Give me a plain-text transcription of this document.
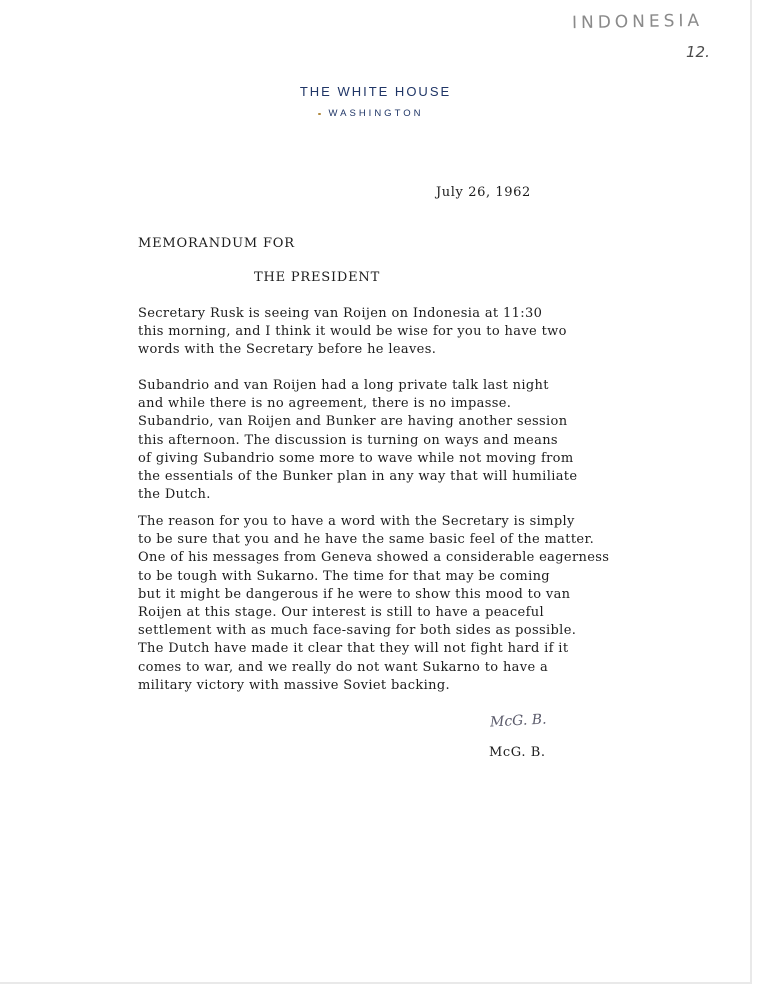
INDONESIA
12.
THE WHITE HOUSE
WASHINGTON
July 26, 1962
MEMORANDUM FOR
THE PRESIDENT
Secretary Rusk is seeing van Roijen on Indonesia at 11:30
this morning, and I think it would be wise for you to have two
words with the Secretary before he leaves.
Subandrio and van Roijen had a long private talk last night
and while there is no agreement, there is no impasse.
Subandrio, van Roijen and Bunker are having another session
this afternoon. The discussion is turning on ways and means
of giving Subandrio some more to wave while not moving from
the essentials of the Bunker plan in any way that will humiliate
the Dutch.
The reason for you to have a word with the Secretary is simply
to be sure that you and he have the same basic feel of the matter.
One of his messages from Geneva showed a considerable eagerness
to be tough with Sukarno. The time for that may be coming
but it might be dangerous if he were to show this mood to van
Roijen at this stage. Our interest is still to have a peaceful
settlement with as much face-saving for both sides as possible.
The Dutch have made it clear that they will not fight hard if it
comes to war, and we really do not want Sukarno to have a
military victory with massive Soviet backing.
McG. B.
McG. B.
